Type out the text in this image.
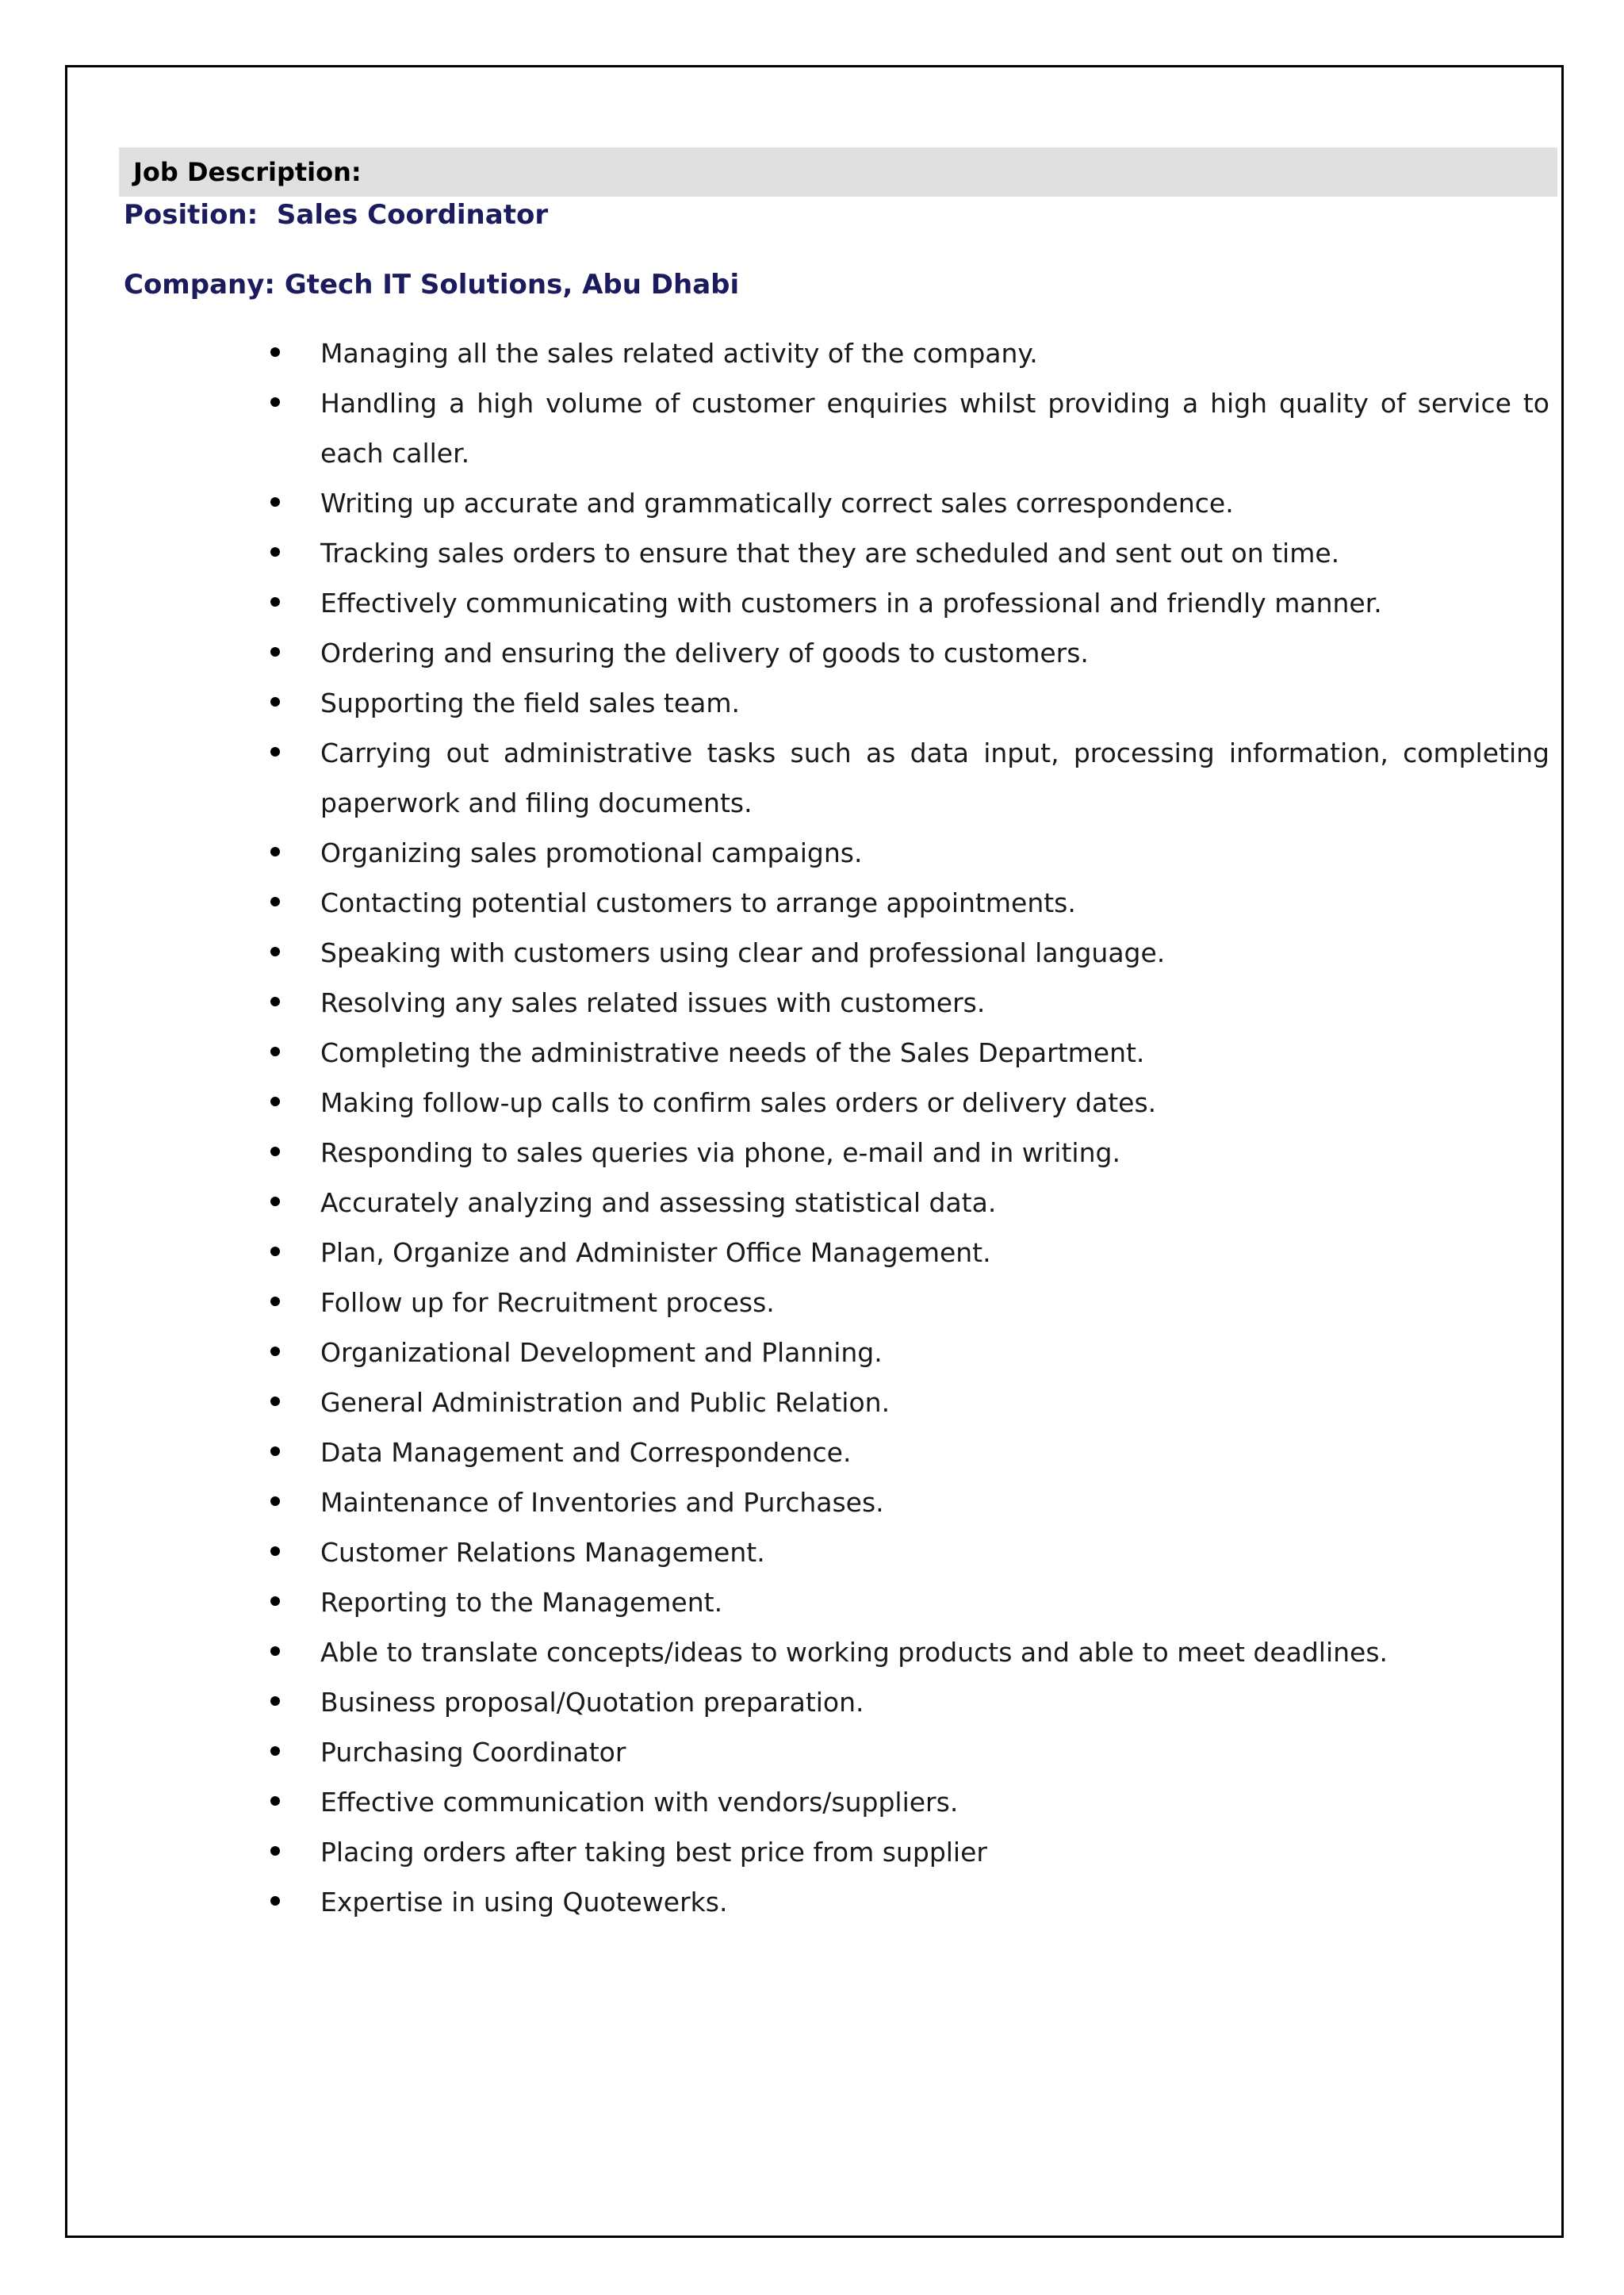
Job Description:
Position:  Sales Coordinator
Company: Gtech IT Solutions, Abu Dhabi
Managing all the sales related activity of the company.
Handling a high volume of customer enquiries whilst providing a high quality of service to each caller.
Writing up accurate and grammatically correct sales correspondence.
Tracking sales orders to ensure that they are scheduled and sent out on time.
Effectively communicating with customers in a professional and friendly manner.
Ordering and ensuring the delivery of goods to customers.
Supporting the field sales team.
Carrying out administrative tasks such as data input, processing information, completing paperwork and filing documents.
Organizing sales promotional campaigns.
Contacting potential customers to arrange appointments.
Speaking with customers using clear and professional language.
Resolving any sales related issues with customers.
Completing the administrative needs of the Sales Department.
Making follow-up calls to confirm sales orders or delivery dates.
Responding to sales queries via phone, e-mail and in writing.
Accurately analyzing and assessing statistical data.
Plan, Organize and Administer Office Management.
Follow up for Recruitment process.
Organizational Development and Planning.
General Administration and Public Relation.
Data Management and Correspondence.
Maintenance of Inventories and Purchases.
Customer Relations Management.
Reporting to the Management.
Able to translate concepts/ideas to working products and able to meet deadlines.
Business proposal/Quotation preparation.
Purchasing Coordinator
Effective communication with vendors/suppliers.
Placing orders after taking best price from supplier
Expertise in using Quotewerks.
